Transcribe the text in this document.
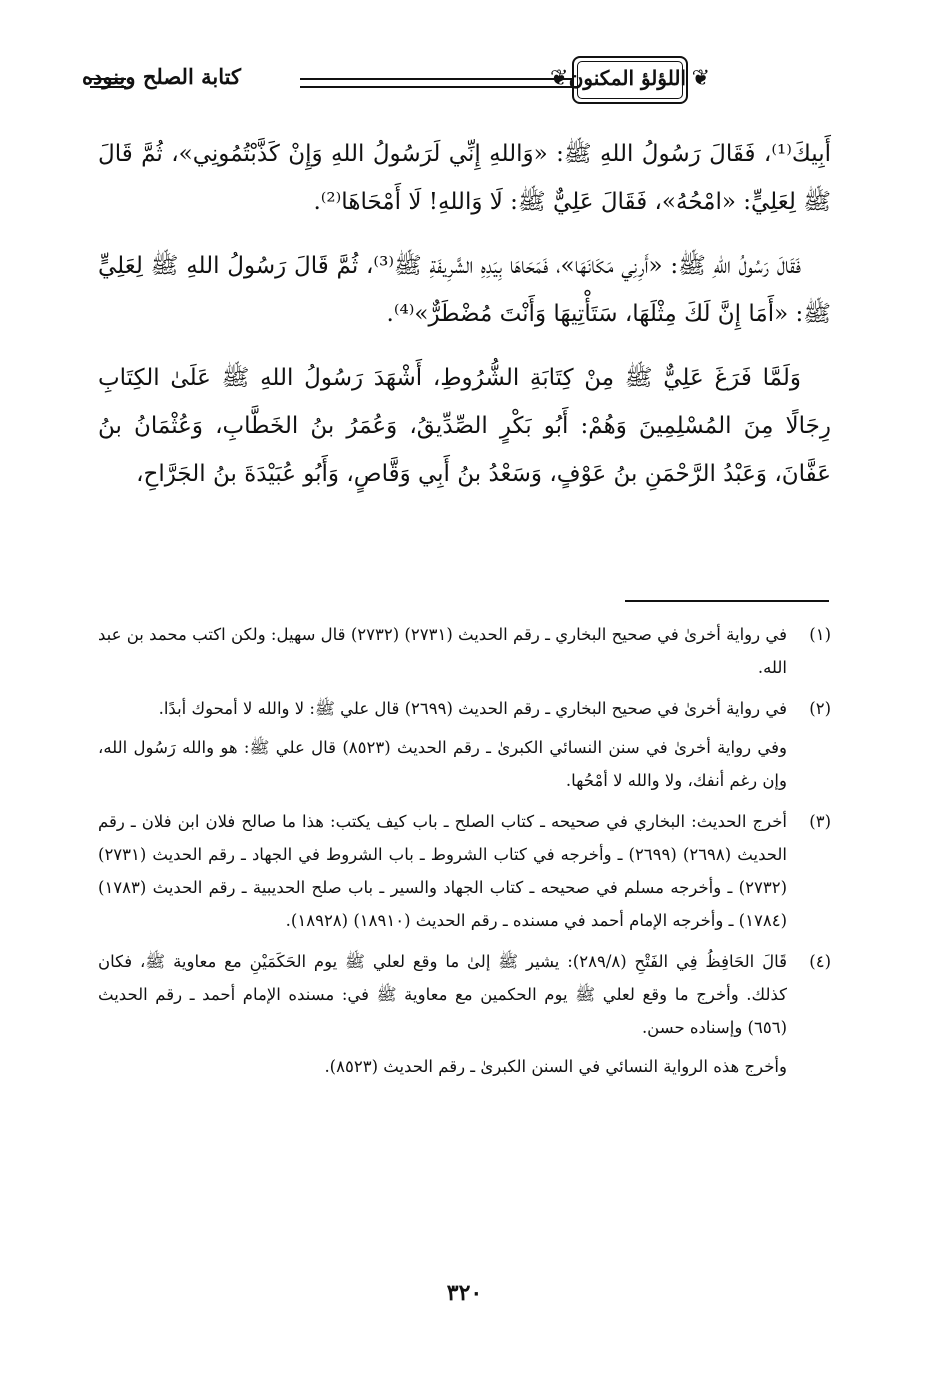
❦
❦ اللؤلؤ المكنون
كتابة الصلح وبنوده

أَبِيكَ⁽¹⁾، فَقَالَ رَسُولُ اللهِ ﷺ: «وَاللهِ إِنِّي لَرَسُولُ اللهِ وَإِنْ كَذَّبْتُمُونِي»، ثُمَّ قَالَ ﷺ لِعَلِيٍّ: «امْحُهُ»، فَقَالَ عَلِيٌّ ﷺ: لَا وَاللهِ! لَا أَمْحَاهَا⁽²⁾.

فَقَالَ رَسُولُ اللهِ ﷺ: «أَرِنِي مَكَانَهَا»، فَمَحَاهَا بِيَدِهِ الشَّرِيفَةِ ﷺ⁽³⁾، ثُمَّ قَالَ رَسُولُ اللهِ ﷺ لِعَلِيٍّ ﷺ: «أَمَا إِنَّ لَكَ مِثْلَهَا، سَتَأْتِيهَا وَأَنْتَ مُضْطَرٌّ»⁽⁴⁾.

وَلَمَّا فَرَغَ عَلِيٌّ ﷺ مِنْ كِتَابَةِ الشُّرُوطِ، أَشْهَدَ رَسُولُ اللهِ ﷺ عَلَىٰ الكِتَابِ رِجَالًا مِنَ المُسْلِمِينَ وَهُمْ: أَبُو بَكْرٍ الصِّدِّيقُ، وَعُمَرُ بنُ الخَطَّابِ، وَعُثْمَانُ بنُ عَفَّانَ، وَعَبْدُ الرَّحْمَنِ بنُ عَوْفٍ، وَسَعْدُ بنُ أَبِي وَقَّاصٍ، وَأَبُو عُبَيْدَةَ بنُ الجَرَّاحِ،

(١)

في رواية أخرىٰ في صحيح البخاري ـ رقم الحديث (٢٧٣١) (٢٧٣٢) قال سهيل: ولكن اكتب محمد بن عبد الله.

(٢)

في رواية أخرىٰ في صحيح البخاري ـ رقم الحديث (٢٦٩٩) قال علي ﷺ: لا والله لا أمحوك أبدًا.

وفي رواية أخرىٰ في سنن النسائي الكبرىٰ ـ رقم الحديث (٨٥٢٣) قال علي ﷺ: هو والله رَسُول الله، وإن رغم أنفك، ولا والله لا أمْحُها.

(٣)

أخرج الحديث: البخاري في صحيحه ـ كتاب الصلح ـ باب كيف يكتب: هذا ما صالح فلان ابن فلان ـ رقم الحديث (٢٦٩٨) (٢٦٩٩) ـ وأخرجه في كتاب الشروط ـ باب الشروط في الجهاد ـ رقم الحديث (٢٧٣١) (٢٧٣٢) ـ وأخرجه مسلم في صحيحه ـ كتاب الجهاد والسير ـ باب صلح الحديبية ـ رقم الحديث (١٧٨٣) (١٧٨٤) ـ وأخرجه الإمام أحمد في مسنده ـ رقم الحديث (١٨٩١٠) (١٨٩٢٨).

(٤)

قَالَ الحَافِظُ فِي الفَتْحِ (٢٨٩/٨): يشير ﷺ إلىٰ ما وقع لعلي ﷺ يوم الحَكَمَيْنِ مع معاوية ﷺ، فكان كذلك. وأخرج ما وقع لعلي ﷺ يوم الحكمين مع معاوية ﷺ في: مسنده الإمام أحمد ـ رقم الحديث (٦٥٦) وإسناده حسن.

وأخرج هذه الرواية النسائي في السنن الكبرىٰ ـ رقم الحديث (٨٥٢٣).

٣٢٠
